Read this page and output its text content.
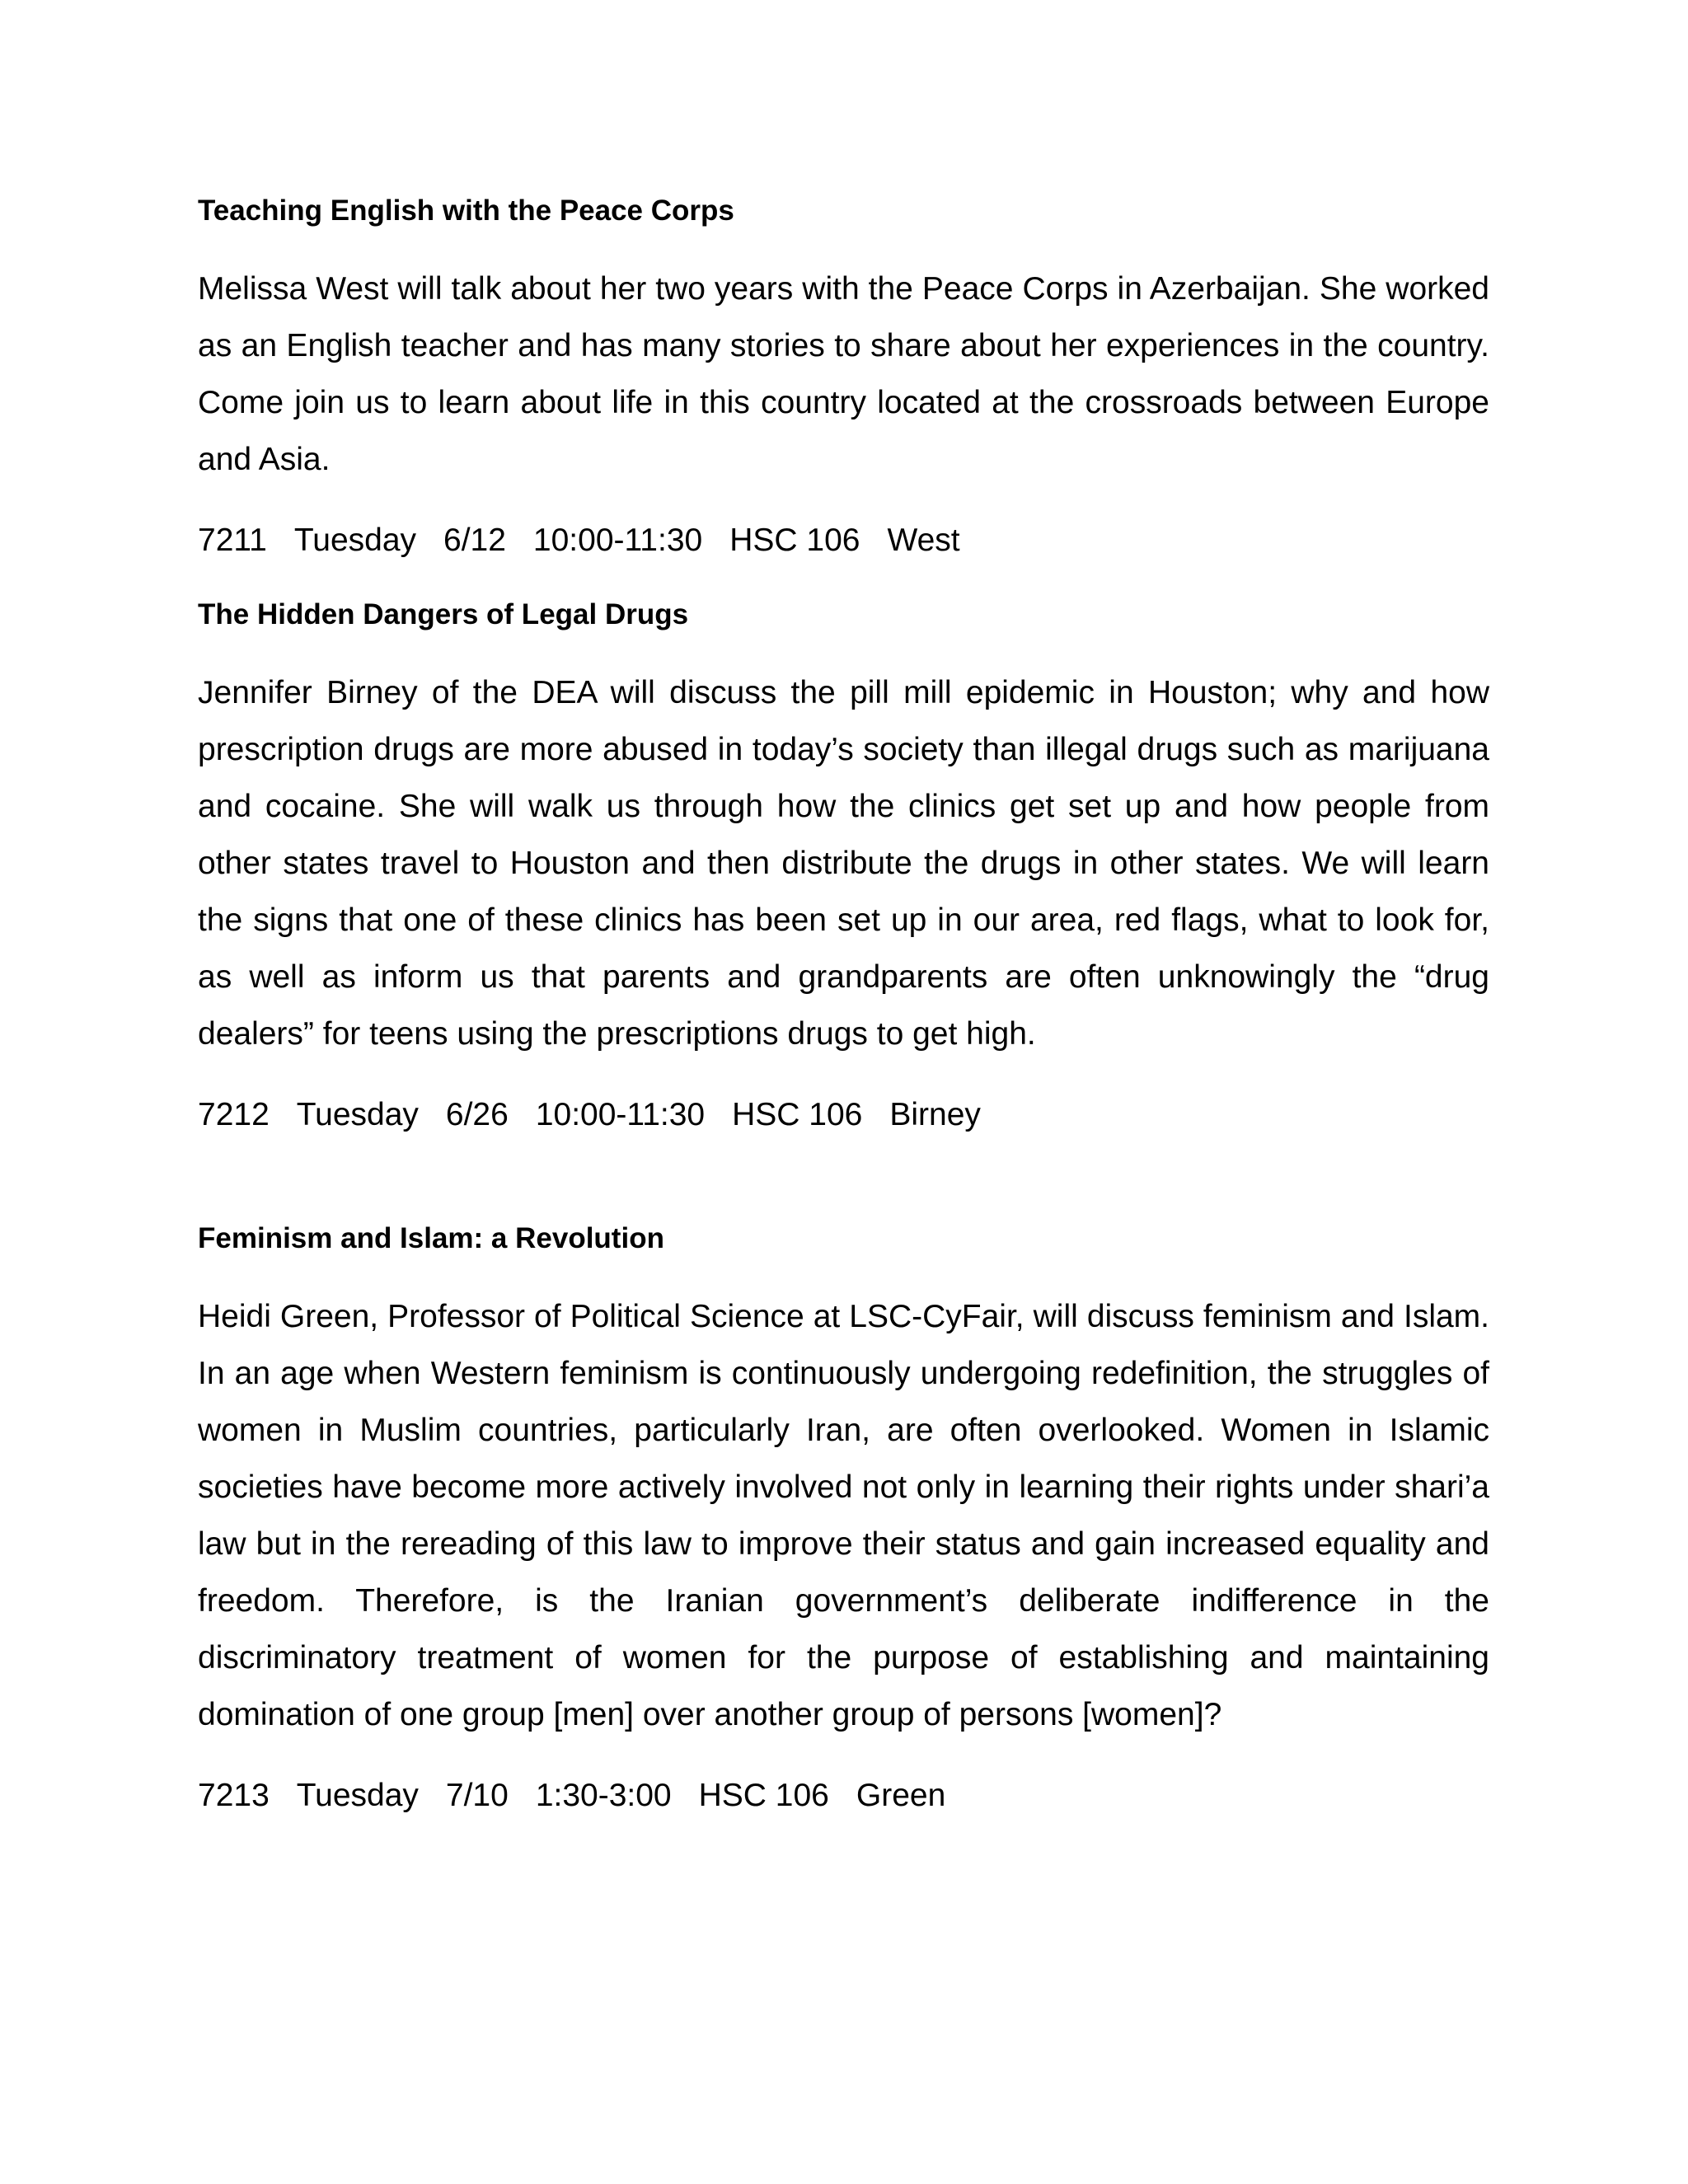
Teaching English with the Peace Corps

Melissa West will talk about her two years with the Peace Corps in Azerbaijan. She worked as an English teacher and has many stories to share about her experiences in the country. Come join us to learn about life in this country located at the crossroads between Europe and Asia.

7211 Tuesday 6/12 10:00-11:30 HSC 106 West
The Hidden Dangers of Legal Drugs

Jennifer Birney of the DEA will discuss the pill mill epidemic in Houston; why and how prescription drugs are more abused in today’s society than illegal drugs such as marijuana and cocaine. She will walk us through how the clinics get set up and how people from other states travel to Houston and then distribute the drugs in other states. We will learn the signs that one of these clinics has been set up in our area, red flags, what to look for, as well as inform us that parents and grandparents are often unknowingly the “drug dealers” for teens using the prescriptions drugs to get high.

7212 Tuesday 6/26 10:00-11:30 HSC 106 Birney
Feminism and Islam: a Revolution

Heidi Green, Professor of Political Science at LSC-CyFair, will discuss feminism and Islam. In an age when Western feminism is continuously undergoing redefinition, the struggles of women in Muslim countries, particularly Iran, are often overlooked. Women in Islamic societies have become more actively involved not only in learning their rights under shari’a law but in the rereading of this law to improve their status and gain increased equality and freedom. Therefore, is the Iranian government’s deliberate indifference in the discriminatory treatment of women for the purpose of establishing and maintaining domination of one group [men] over another group of persons [women]?

7213 Tuesday 7/10 1:30-3:00 HSC 106 Green
